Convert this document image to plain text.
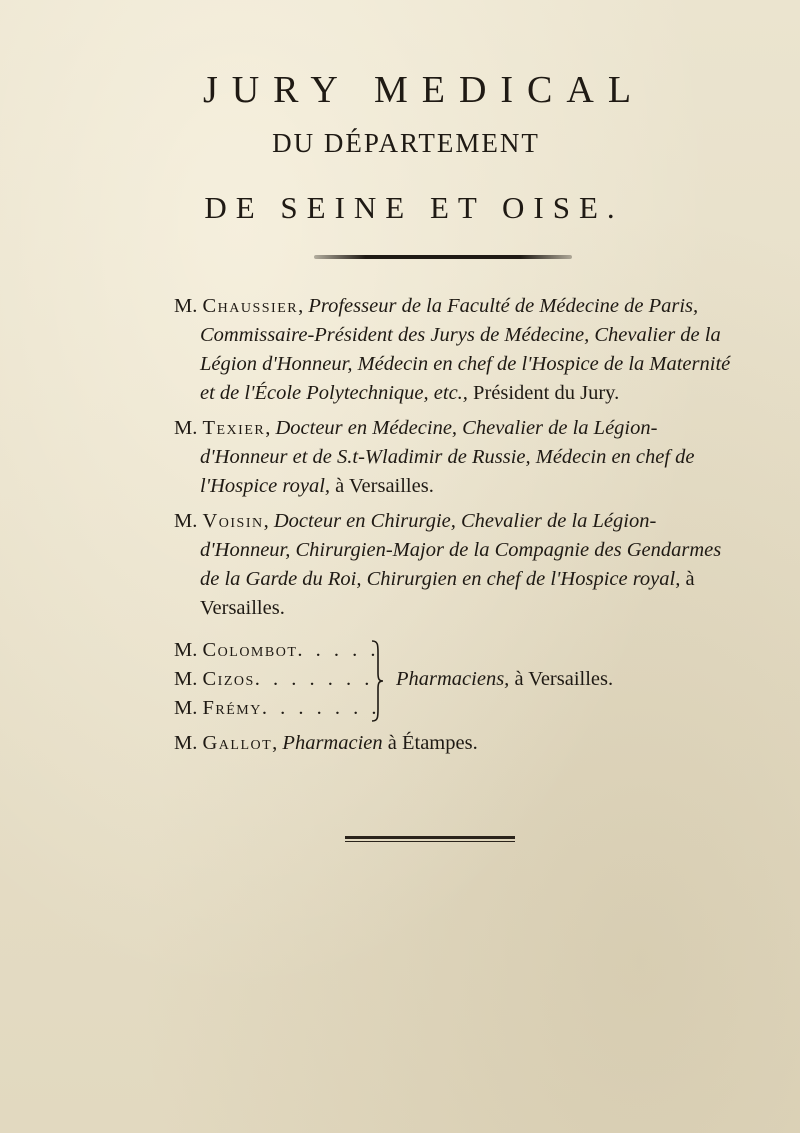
JURY MEDICAL
DU DÉPARTEMENT
DE SEINE ET OISE.

M. Chaussier, Professeur de la Faculté de Médecine de Paris, Commissaire-Président des Jurys de Médecine, Chevalier de la Légion d'Honneur, Médecin en chef de l'Hospice de la Maternité et de l'École Polytechnique, etc., Président du Jury.

M. Texier, Docteur en Médecine, Chevalier de la Légion-d'Honneur et de S.t-Wladimir de Russie, Médecin en chef de l'Hospice royal, à Versailles.

M. Voisin, Docteur en Chirurgie, Chevalier de la Légion-d'Honneur, Chirurgien-Major de la Compagnie des Gendarmes de la Garde du Roi, Chirurgien en chef de l'Hospice royal, à Versailles.

M. Colombot. . . . .
M. Cizos. . . . . . .
M. Frémy. . . . . . .
Pharmaciens, à Versailles.
M. Gallot, Pharmacien à Étampes.
